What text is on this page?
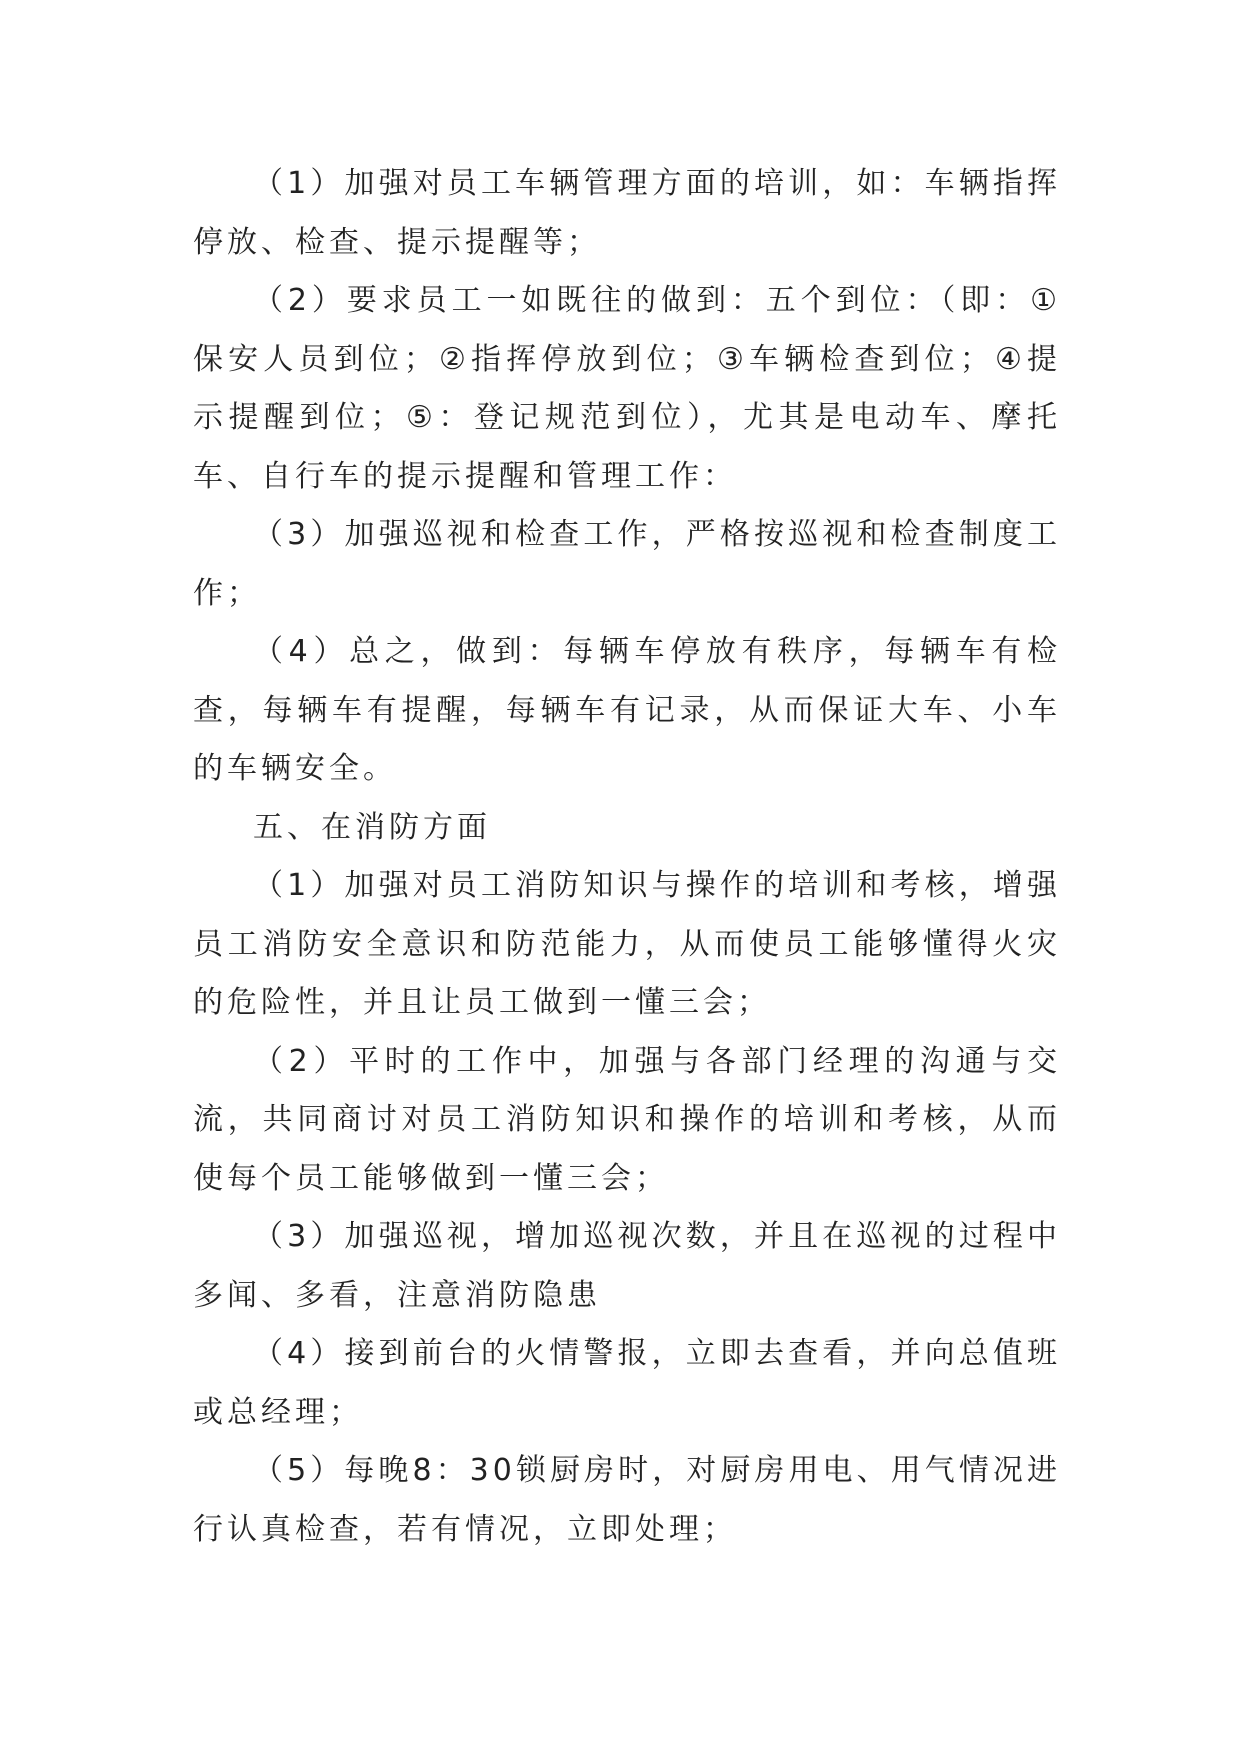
（1）加强对员工车辆管理方面的培训，如：车辆指挥停放、检查、提示提醒等；

（2）要求员工一如既往的做到：五个到位：（即：①保安人员到位；②指挥停放到位；③车辆检查到位；④提示提醒到位；⑤：登记规范到位），尤其是电动车、摩托车、自行车的提示提醒和管理工作：

（3）加强巡视和检查工作，严格按巡视和检查制度工作；

（4）总之，做到：每辆车停放有秩序，每辆车有检查，每辆车有提醒，每辆车有记录，从而保证大车、小车的车辆安全。

五、在消防方面

（1）加强对员工消防知识与操作的培训和考核，增强员工消防安全意识和防范能力，从而使员工能够懂得火灾的危险性，并且让员工做到一懂三会；

（2）平时的工作中，加强与各部门经理的沟通与交流，共同商讨对员工消防知识和操作的培训和考核，从而使每个员工能够做到一懂三会；

（3）加强巡视，增加巡视次数，并且在巡视的过程中多闻、多看，注意消防隐患

（4）接到前台的火情警报，立即去查看，并向总值班或总经理；

（5）每晚8：30锁厨房时，对厨房用电、用气情况进行认真检查，若有情况，立即处理；
